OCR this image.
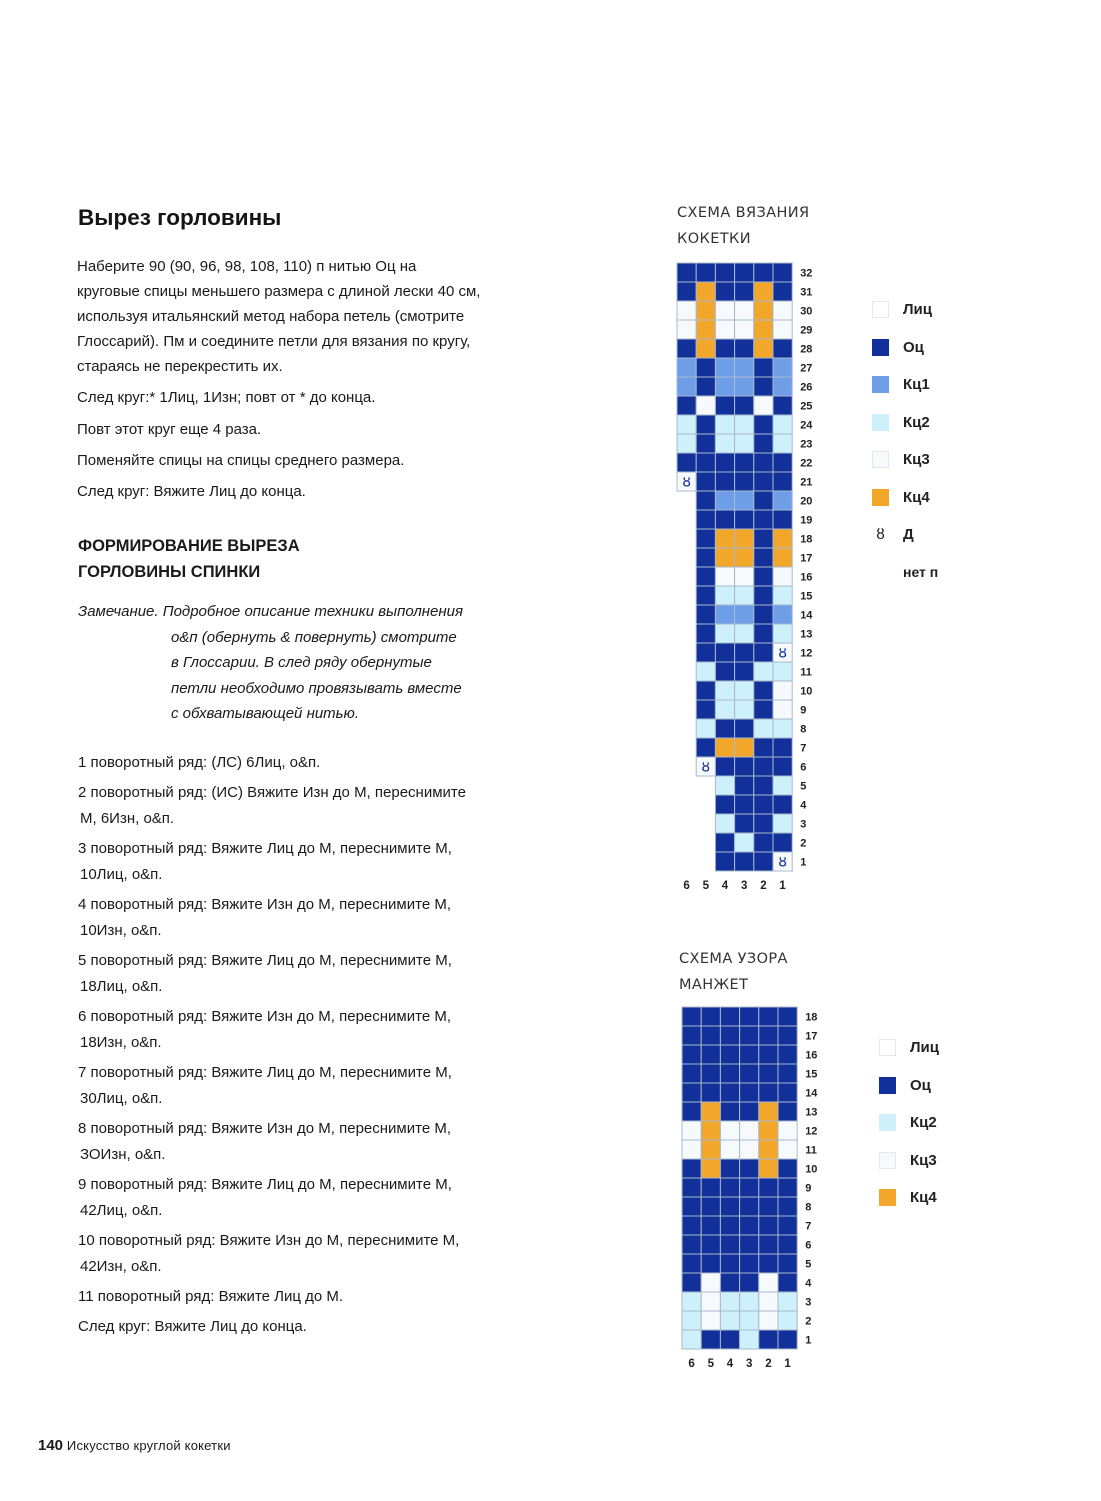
Вырез горловины

Наберите 90 (90, 96, 98, 108, 110) п нитью Оц на
круговые спицы меньшего размера с длиной лески 40 см,
используя итальянский метод набора петель (смотрите
Глоссарий). Пм и соедините петли для вязания по кругу,
стараясь не перекрестить их.

След круг:* 1Лиц, 1Изн; повт от * до конца.

Повт этот круг еще 4 раза.

Поменяйте спицы на спицы среднего размера.

След круг: Вяжите Лиц до конца.

ФОРМИРОВАНИЕ ВЫРЕЗА
ГОРЛОВИНЫ СПИНКИ

Замечание. Подробное описание техники выполнения
о&п (обернуть & повернуть) смотрите
в Глоссарии. В след ряду обернутые
петли необходимо провязывать вместе
с обхватывающей нитью.

1 поворотный ряд: (ЛС) 6Лиц, о&п.
2 поворотный ряд: (ИС) Вяжите Изн до М, переснимите
М, 6Изн, о&п.
3 поворотный ряд: Вяжите Лиц до М, переснимите М,
10Лиц, о&п.
4 поворотный ряд: Вяжите Изн до М, переснимите М,
10Изн, о&п.
5 поворотный ряд: Вяжите Лиц до М, переснимите М,
18Лиц, о&п.
6 поворотный ряд: Вяжите Изн до М, переснимите М,
18Изн, о&п.
7 поворотный ряд: Вяжите Лиц до М, переснимите М,
30Лиц, о&п.
8 поворотный ряд: Вяжите Изн до М, переснимите М,
ЗОИзн, о&п.
9 поворотный ряд: Вяжите Лиц до М, переснимите М,
42Лиц, о&п.
10 поворотный ряд: Вяжите Изн до М, переснимите М,
42Изн, о&п.
11 поворотный ряд: Вяжите Лиц до М.
След круг: Вяжите Лиц до конца.

140 Искусство круглой кокетки

СХЕМА ВЯЗАНИЯ
КОКЕТКИ

32
31
30
29
28
27
26
25
24
23
22
ȣ	21
20
19
18
17
16
15
14
13
ȣ 12
11
10
9
8
7
ȣ	6
5
4
3
2
ȣ 1
6 5 4 3 2 1
Лиц
Оц
Кц1
Кц2
Кц3
Кц4
ȣ Д
нет п

СХЕМА УЗОРА
МАНЖЕТ

18
17
16
15
14
13
12
11
10
9
8
7
6
5
4
3
2
1
6 5 4 3 2 1
Лиц
Оц
Кц2
Кц3
Кц4
